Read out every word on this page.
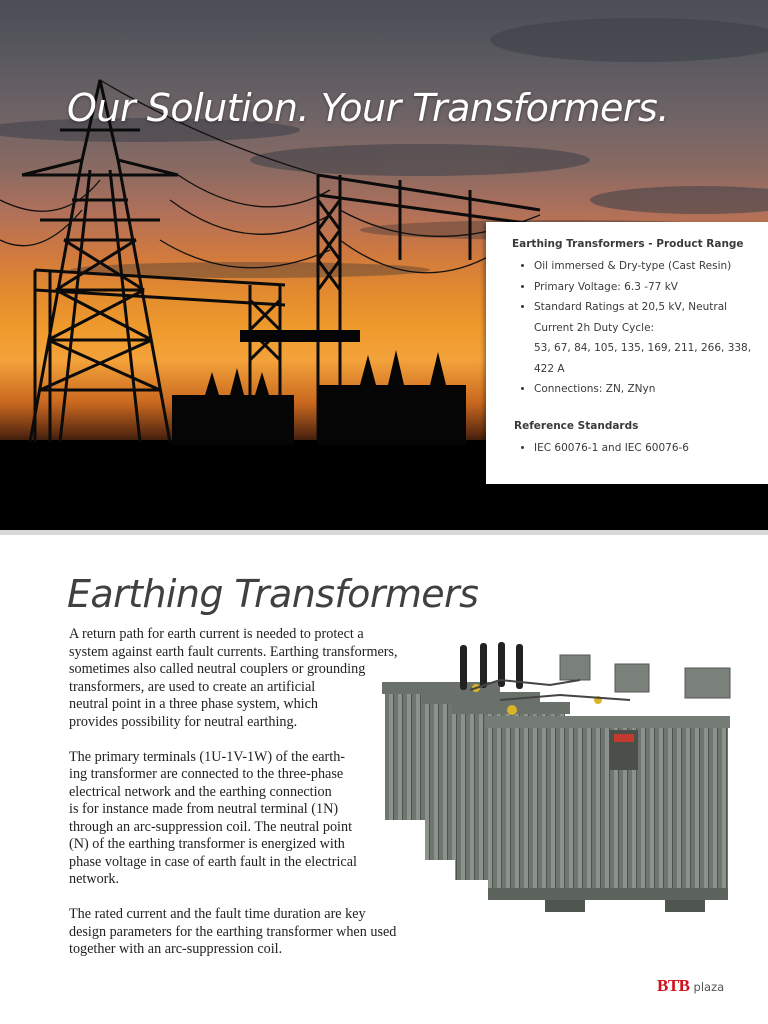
Our Solution. Your Transformers.
Earthing Transformers - Product Range
• Oil immersed & Dry-type (Cast Resin)
• Primary Voltage: 6.3 -77 kV
• Standard Ratings at 20,5 kV, Neutral
Current 2h Duty Cycle:
53, 67, 84, 105, 135, 169, 211, 266, 338,
422 A
• Connections: ZN, ZNyn
Reference Standards
• IEC 60076-1 and IEC 60076-6
Earthing Transformers

A return path for earth current is needed to protect a
system against earth fault currents. Earthing transformers,
sometimes also called neutral couplers or grounding
transformers, are used to create an artificial
neutral point in a three phase system, which
provides possibility for neutral earthing.

The primary terminals (1U-1V-1W) of the earth-
ing transformer are connected to the three-phase
electrical network and the earthing connection
is for instance made from neutral terminal (1N)
through an arc-suppression coil. The neutral point
(N) of the earthing transformer is energized with
phase voltage in case of earth fault in the electrical
network.

The rated current and the fault time duration are key
design parameters for the earthing transformer when used
together with an arc-suppression coil.

BTB plaza
